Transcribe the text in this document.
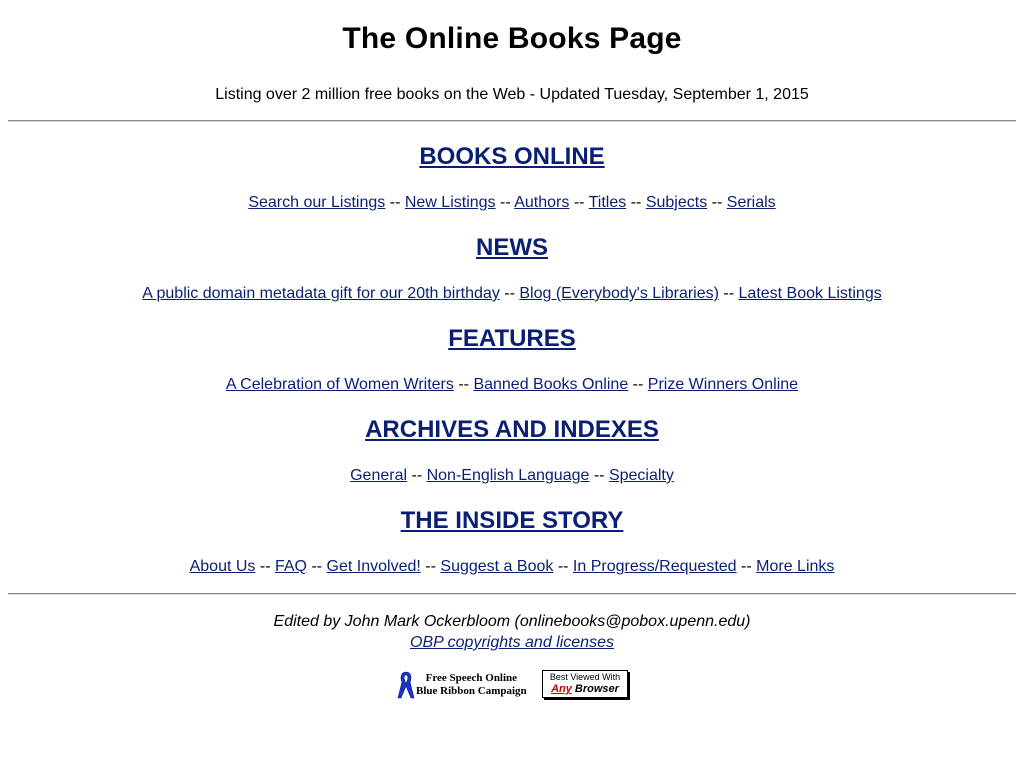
The Online Books Page

Listing over 2 million free books on the Web - Updated Tuesday, September 1, 2015

BOOKS ONLINE

Search our Listings -- New Listings -- Authors -- Titles -- Subjects -- Serials

NEWS

A public domain metadata gift for our 20th birthday -- Blog (Everybody's Libraries) -- Latest Book Listings

FEATURES

A Celebration of Women Writers -- Banned Books Online -- Prize Winners Online

ARCHIVES AND INDEXES

General -- Non-English Language -- Specialty

THE INSIDE STORY

About Us -- FAQ -- Get Involved! -- Suggest a Book -- In Progress/Requested -- More Links

Edited by John Mark Ockerbloom (onlinebooks@pobox.upenn.edu)

OBP copyrights and licenses

Free Speech Online
Blue Ribbon Campaign
Best Viewed With
Any Browser
